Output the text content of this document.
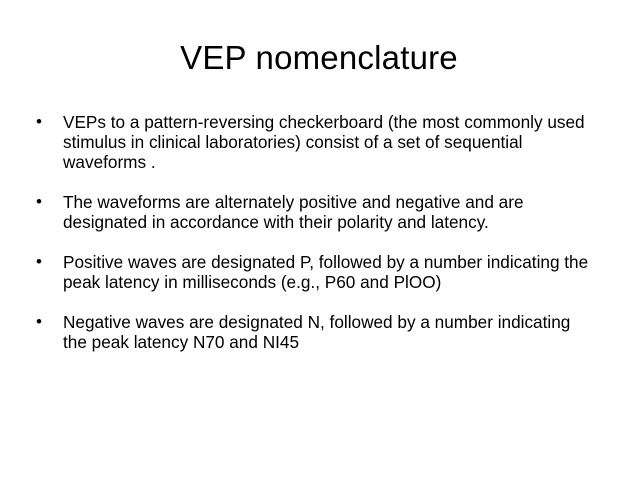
VEP nomenclature
• VEPs to a pattern-reversing checkerboard (the most commonly used stimulus in clinical laboratories) consist of a set of sequential waveforms .
• The waveforms are alternately positive and negative and are designated in accordance with their polarity and latency.
• Positive waves are designated P, followed by a number indicating the peak latency in milliseconds (e.g., P60 and PlOO)
• Negative waves are designated N, followed by a number indicating the peak latency N70 and NI45
